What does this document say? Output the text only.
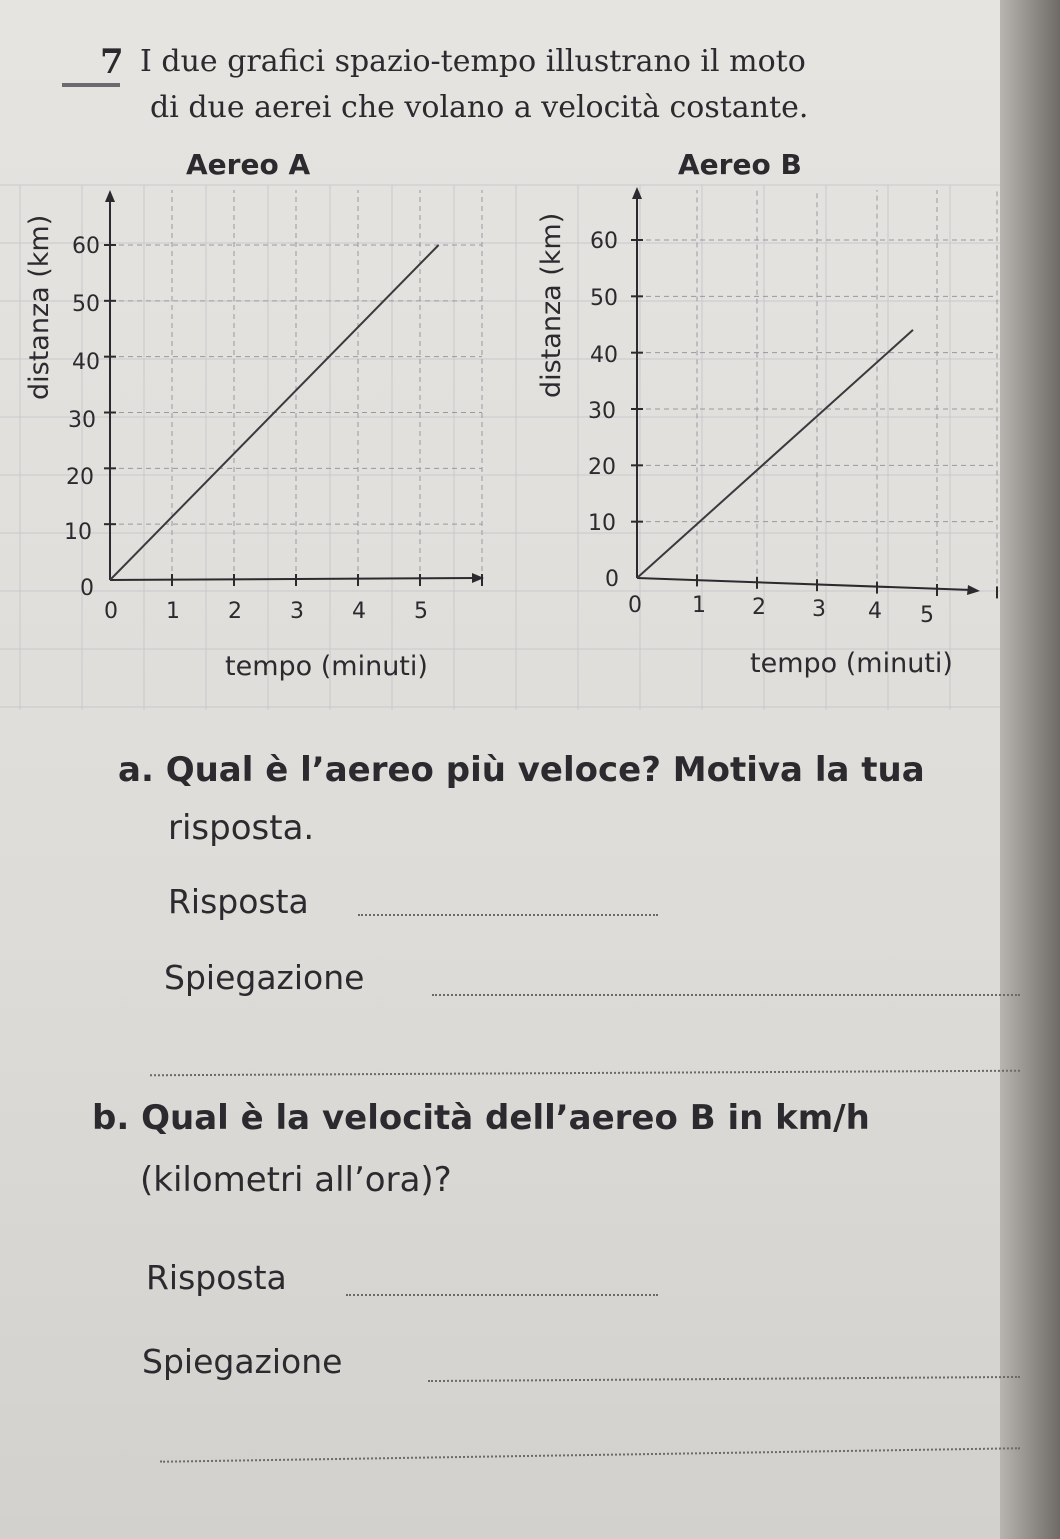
7 I due grafici spazio-tempo illustrano il moto
di due aerei che volano a velocità costante.
Aereo A	Aereo B
60
50
40
30
20
10
0
0 1 2 3 4 5
tempo (minuti)
distanza (km)	60
50
40
30
20
10
0
0 1 2 3 4 5
tempo (minuti)
distanza (km)
a. Qual è l’aereo più veloce? Motiva la tua
risposta.
Risposta
Spiegazione
b. Qual è la velocità dell’aereo B in km/h
(kilometri all’ora)?
Risposta
Spiegazione
